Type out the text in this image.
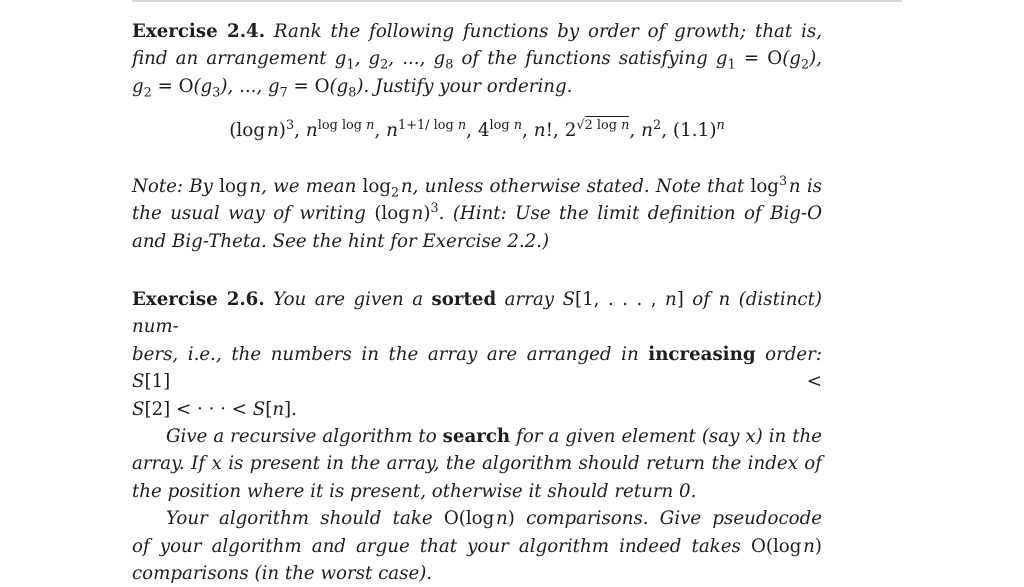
Exercise 2.4. Rank the following functions by order of growth; that is,
find an arrangement $g_1$, $g_2$, ..., $g_8$ of the functions satisfying $g_1 = O(g_2)$,
$g_2 = O(g_3)$, ..., $g_7 = O(g_8)$. Justify your ordering.
(log n)$^3$, $n^{log log n}$, $n^{1+1/ log n}$, $4^{log n}$, n!, $2^{√2 log n}$, $n^2$, $(1.1)^n$
Note: By log n, we mean $\log_2$ n, unless otherwise stated. Note that $\log^3$ n is
the usual way of writing (log n)$^3$. (Hint: Use the limit definition of Big-O
and Big-Theta. See the hint for Exercise 2.2.)
Exercise 2.6. You are given a sorted array S[1, . . . , n] of n (distinct) num-
bers, i.e., the numbers in the array are arranged in increasing order: S[1] <
S[2] < · · · < S[n].
Give a recursive algorithm to search for a given element (say x) in the
array. If x is present in the array, the algorithm should return the index of
the position where it is present, otherwise it should return 0.
Your algorithm should take O(log n) comparisons. Give pseudocode
of your algorithm and argue that your algorithm indeed takes O(log n)
comparisons (in the worst case).
